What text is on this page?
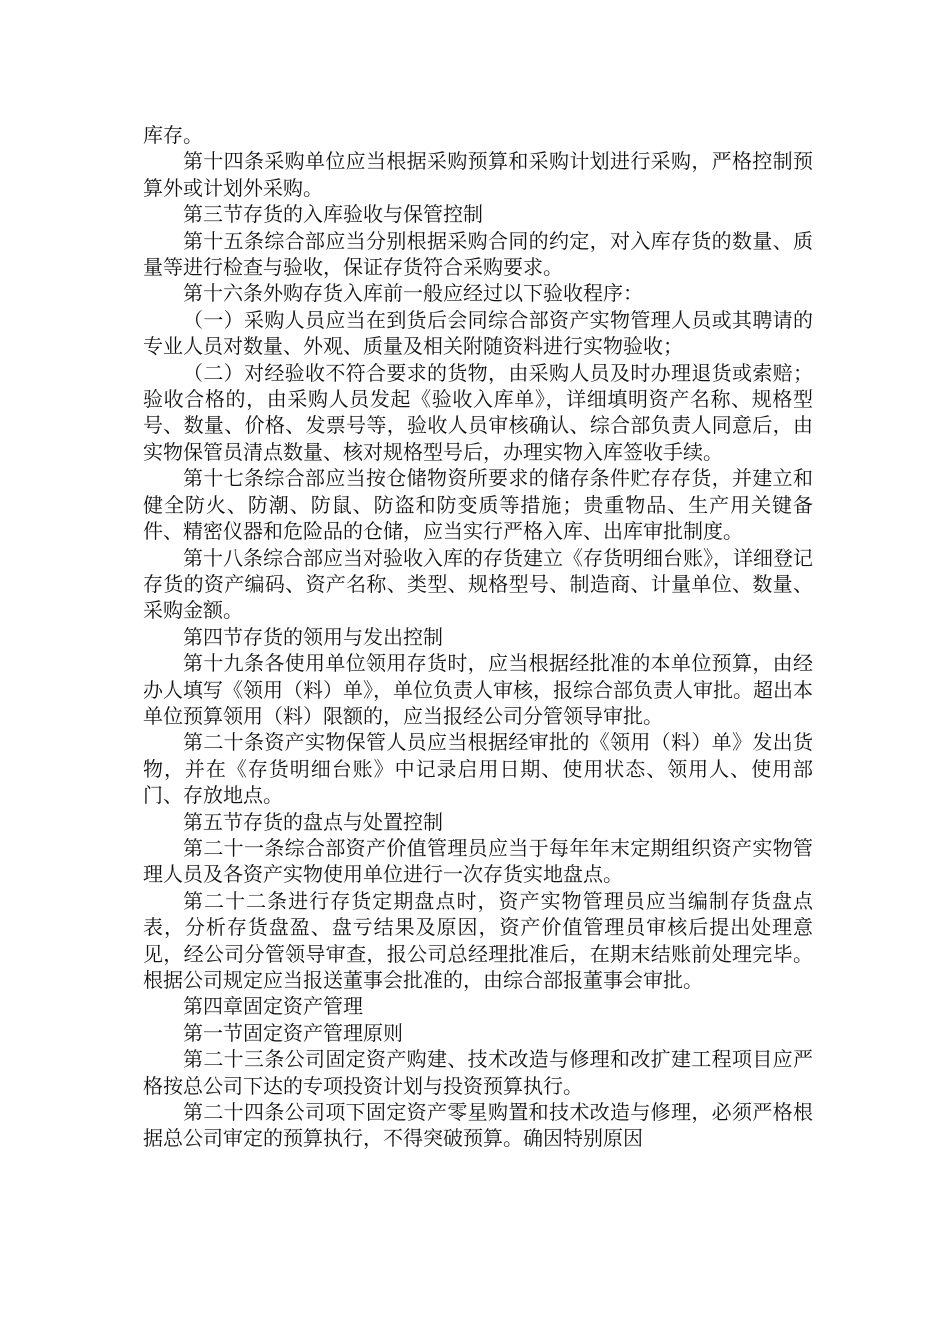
库存。

第十四条采购单位应当根据采购预算和采购计划进行采购，严格控制预算外或计划外采购。

第三节存货的入库验收与保管控制

第十五条综合部应当分别根据采购合同的约定，对入库存货的数量、质量等进行检查与验收，保证存货符合采购要求。

第十六条外购存货入库前一般应经过以下验收程序：

（一）采购人员应当在到货后会同综合部资产实物管理人员或其聘请的专业人员对数量、外观、质量及相关附随资料进行实物验收；

（二）对经验收不符合要求的货物，由采购人员及时办理退货或索赔；验收合格的，由采购人员发起《验收入库单》，详细填明资产名称、规格型号、数量、价格、发票号等，验收人员审核确认、综合部负责人同意后，由实物保管员清点数量、核对规格型号后，办理实物入库签收手续。

第十七条综合部应当按仓储物资所要求的储存条件贮存存货，并建立和健全防火、防潮、防鼠、防盗和防变质等措施；贵重物品、生产用关键备件、精密仪器和危险品的仓储，应当实行严格入库、出库审批制度。

第十八条综合部应当对验收入库的存货建立《存货明细台账》，详细登记存货的资产编码、资产名称、类型、规格型号、制造商、计量单位、数量、采购金额。

第四节存货的领用与发出控制

第十九条各使用单位领用存货时，应当根据经批准的本单位预算，由经办人填写《领用（料）单》，单位负责人审核，报综合部负责人审批。超出本单位预算领用（料）限额的，应当报经公司分管领导审批。

第二十条资产实物保管人员应当根据经审批的《领用（料）单》发出货物，并在《存货明细台账》中记录启用日期、使用状态、领用人、使用部门、存放地点。

第五节存货的盘点与处置控制

第二十一条综合部资产价值管理员应当于每年年末定期组织资产实物管理人员及各资产实物使用单位进行一次存货实地盘点。

第二十二条进行存货定期盘点时，资产实物管理员应当编制存货盘点表，分析存货盘盈、盘亏结果及原因，资产价值管理员审核后提出处理意见，经公司分管领导审查，报公司总经理批准后，在期末结账前处理完毕。根据公司规定应当报送董事会批准的，由综合部报董事会审批。

第四章固定资产管理

第一节固定资产管理原则

第二十三条公司固定资产购建、技术改造与修理和改扩建工程项目应严格按总公司下达的专项投资计划与投资预算执行。

第二十四条公司项下固定资产零星购置和技术改造与修理，必须严格根据总公司审定的预算执行，不得突破预算。确因特别原因
